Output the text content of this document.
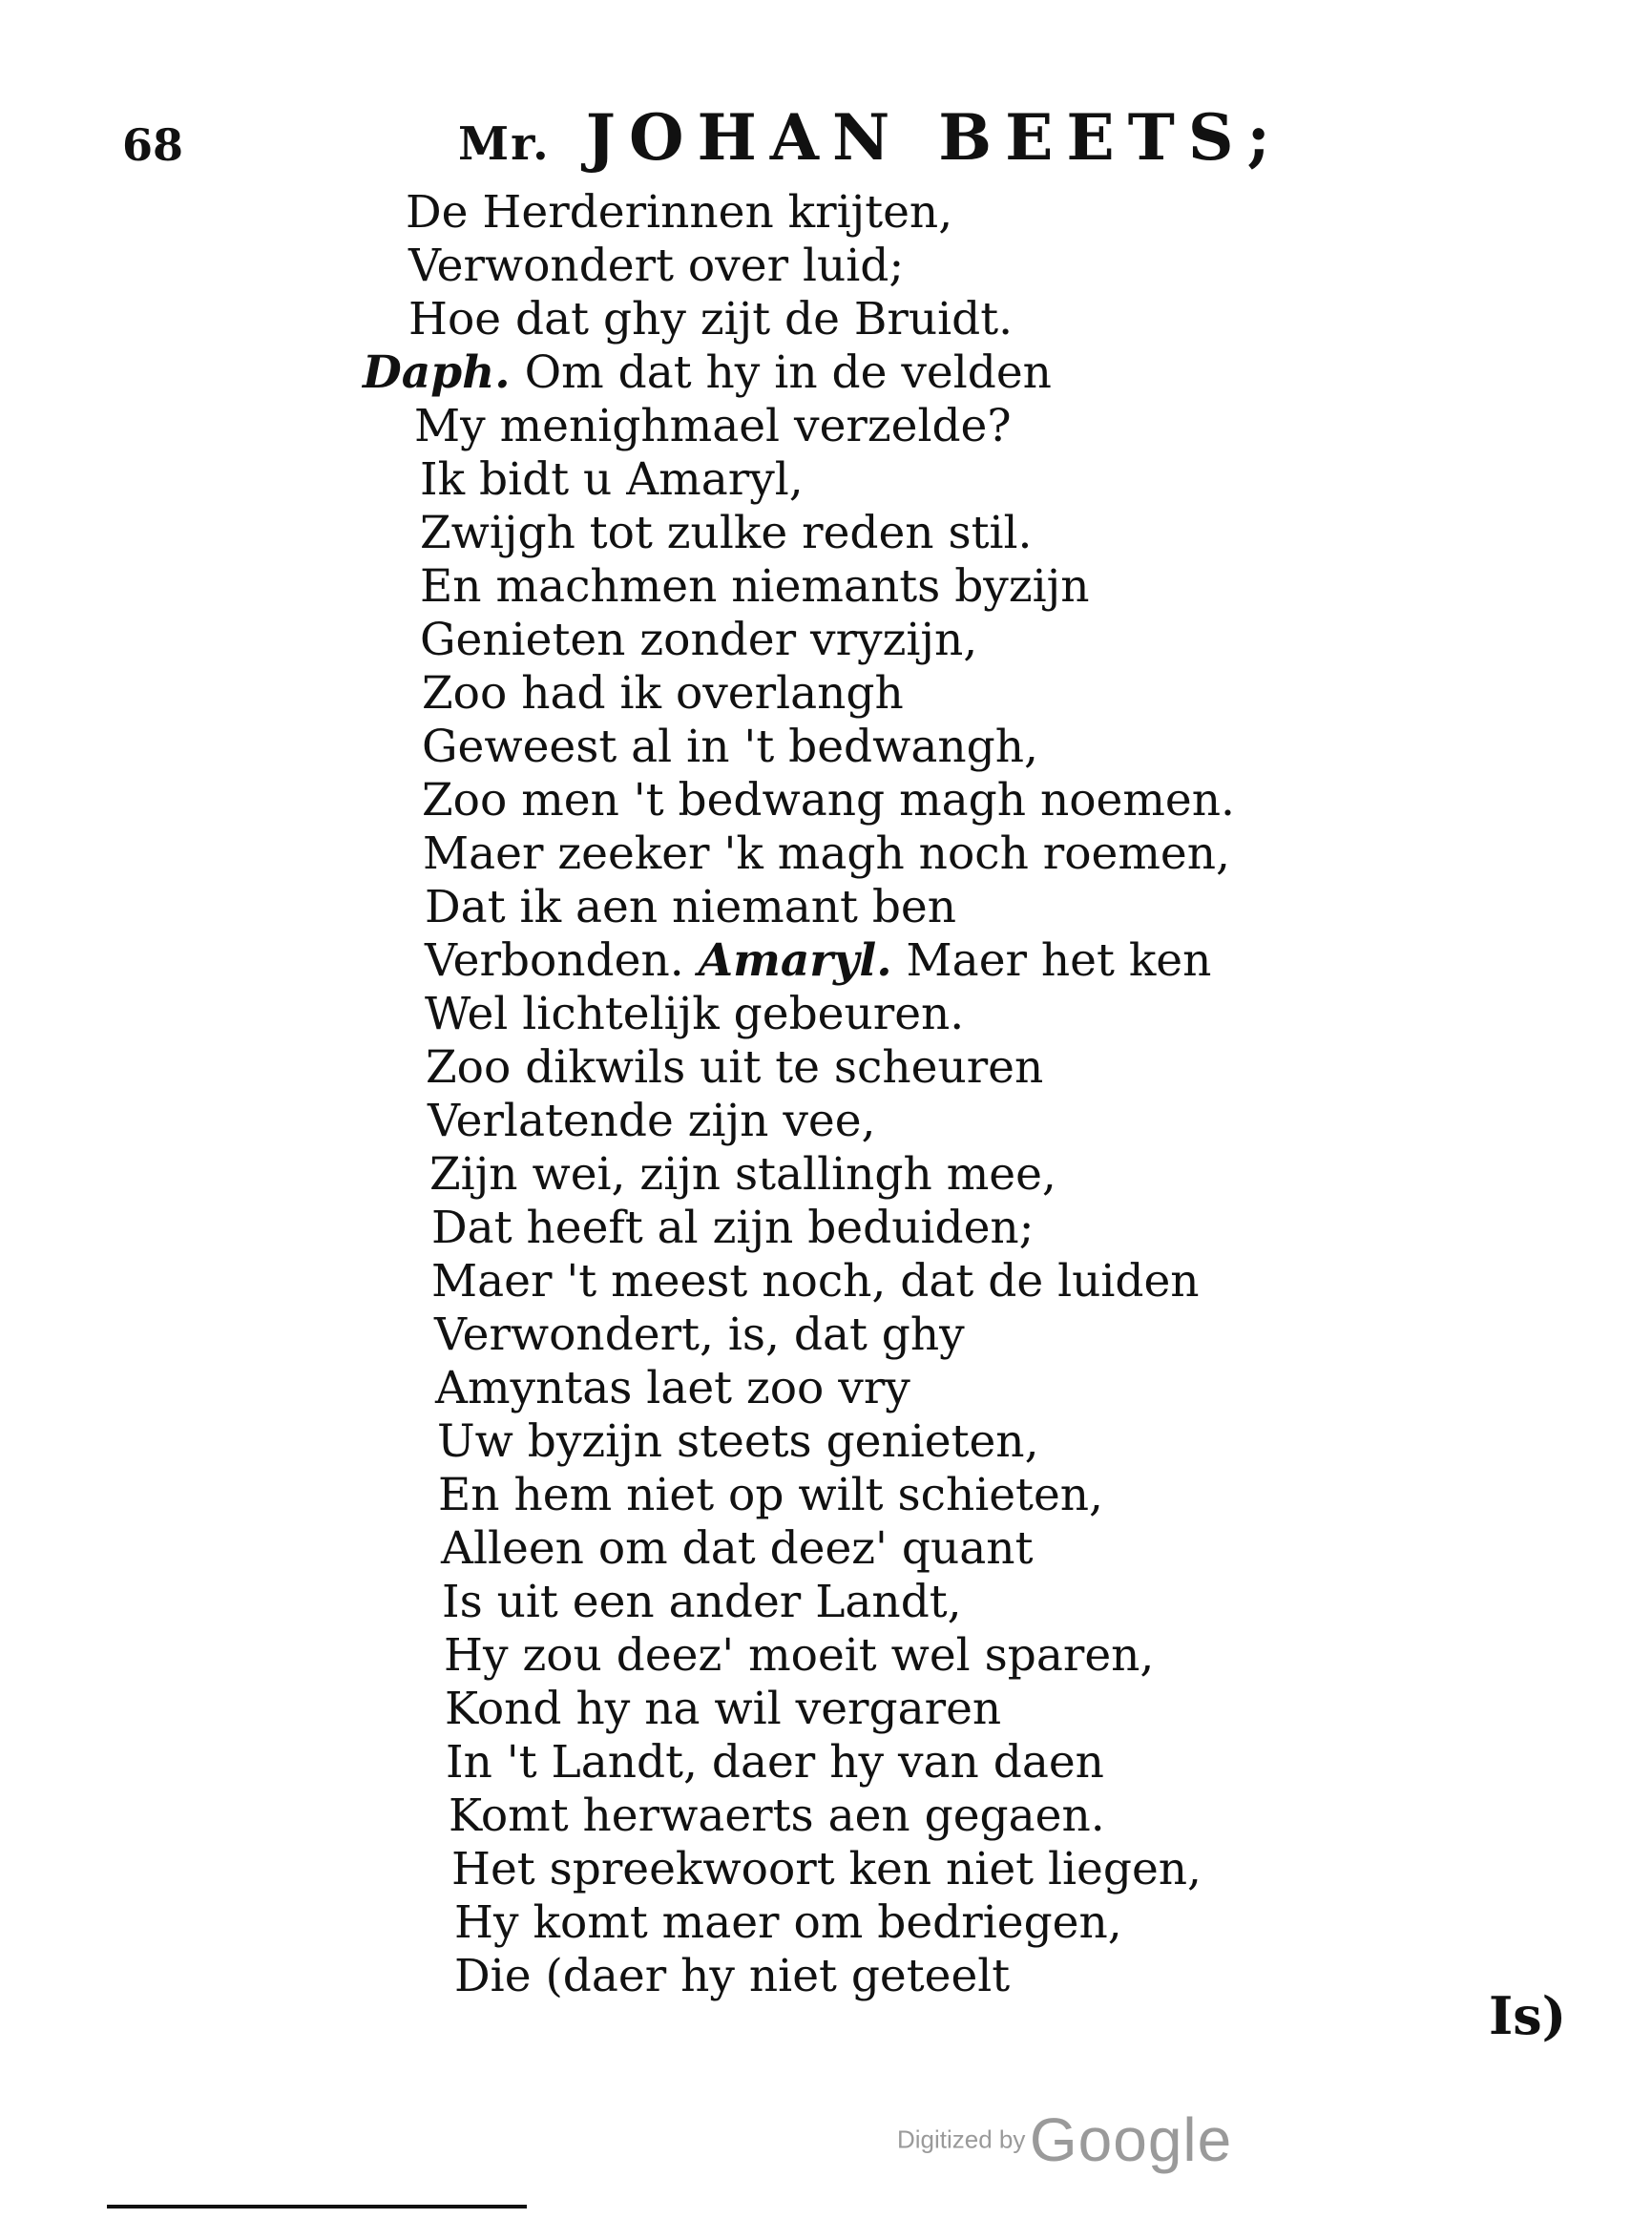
68	Mr. JOHAN BEETS;
De Herderinnen krijten,
Verwondert over luid;
Hoe dat ghy zijt de Bruidt.
Daph. Om dat hy in de velden
My menighmael verzelde?
Ik bidt u Amaryl,
Zwijgh tot zulke reden stil.
En machmen niemants byzijn
Genieten zonder vryzijn,
Zoo had ik overlangh
Geweest al in 't bedwangh,
Zoo men 't bedwang magh noemen.
Maer zeeker 'k magh noch roemen,
Dat ik aen niemant ben
Verbonden. Amaryl. Maer het ken
Wel lichtelijk gebeuren.
Zoo dikwils uit te scheuren
Verlatende zijn vee,
Zijn wei, zijn stallingh mee,
Dat heeft al zijn beduiden;
Maer 't meest noch, dat de luiden
Verwondert, is, dat ghy
Amyntas laet zoo vry
Uw byzijn steets genieten,
En hem niet op wilt schieten,
Alleen om dat deez' quant
Is uit een ander Landt,
Hy zou deez' moeit wel sparen,
Kond hy na wil vergaren
In 't Landt, daer hy van daen
Komt herwaerts aen gegaen.
Het spreekwoort ken niet liegen,
Hy komt maer om bedriegen,
Die (daer hy niet geteelt
Is)
Digitized by Google
